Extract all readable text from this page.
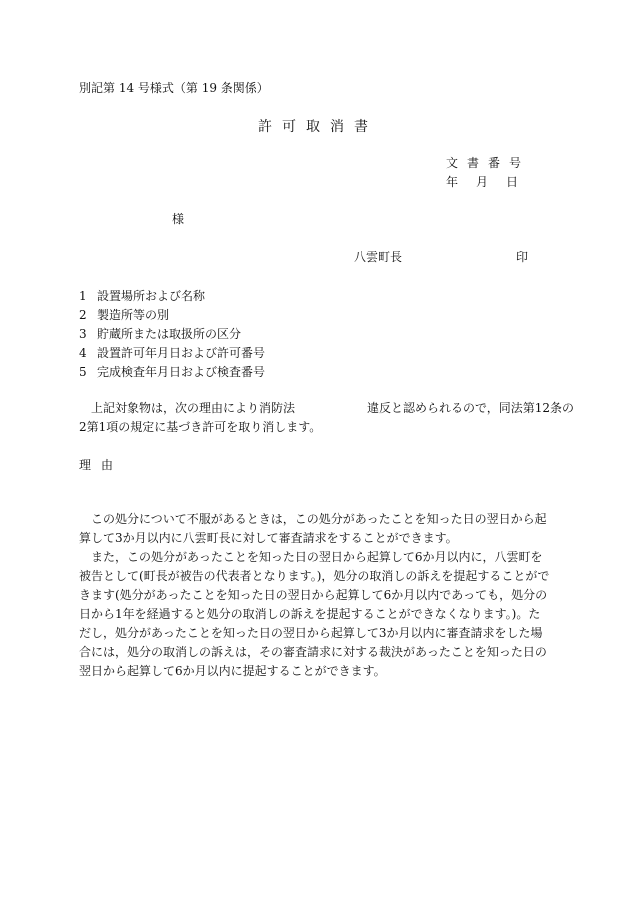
別記第 14 号様式（第 19 条関係）
許可取消書
文書番号
年月日
様
八雲町長	印
1 設置場所および名称
2 製造所等の別
3 貯蔵所または取扱所の区分
4 設置許可年月日および許可番号
5 完成検査年月日および検査番号
上記対象物は，次の理由により消防法	違反と認められるので，同法第12条の
2第1項の規定に基づき許可を取り消します。
理由

この処分について不服があるときは，この処分があったことを知った日の翌日から起算して3か月以内に八雲町長に対して審査請求をすることができます。

また，この処分があったことを知った日の翌日から起算して6か月以内に，八雲町を被告として(町長が被告の代表者となります。)，処分の取消しの訴えを提起することができます(処分があったことを知った日の翌日から起算して6か月以内であっても，処分の日から1年を経過すると処分の取消しの訴えを提起することができなくなります。)。ただし，処分があったことを知った日の翌日から起算して3か月以内に審査請求をした場合には，処分の取消しの訴えは，その審査請求に対する裁決があったことを知った日の翌日から起算して6か月以内に提起することができます。
